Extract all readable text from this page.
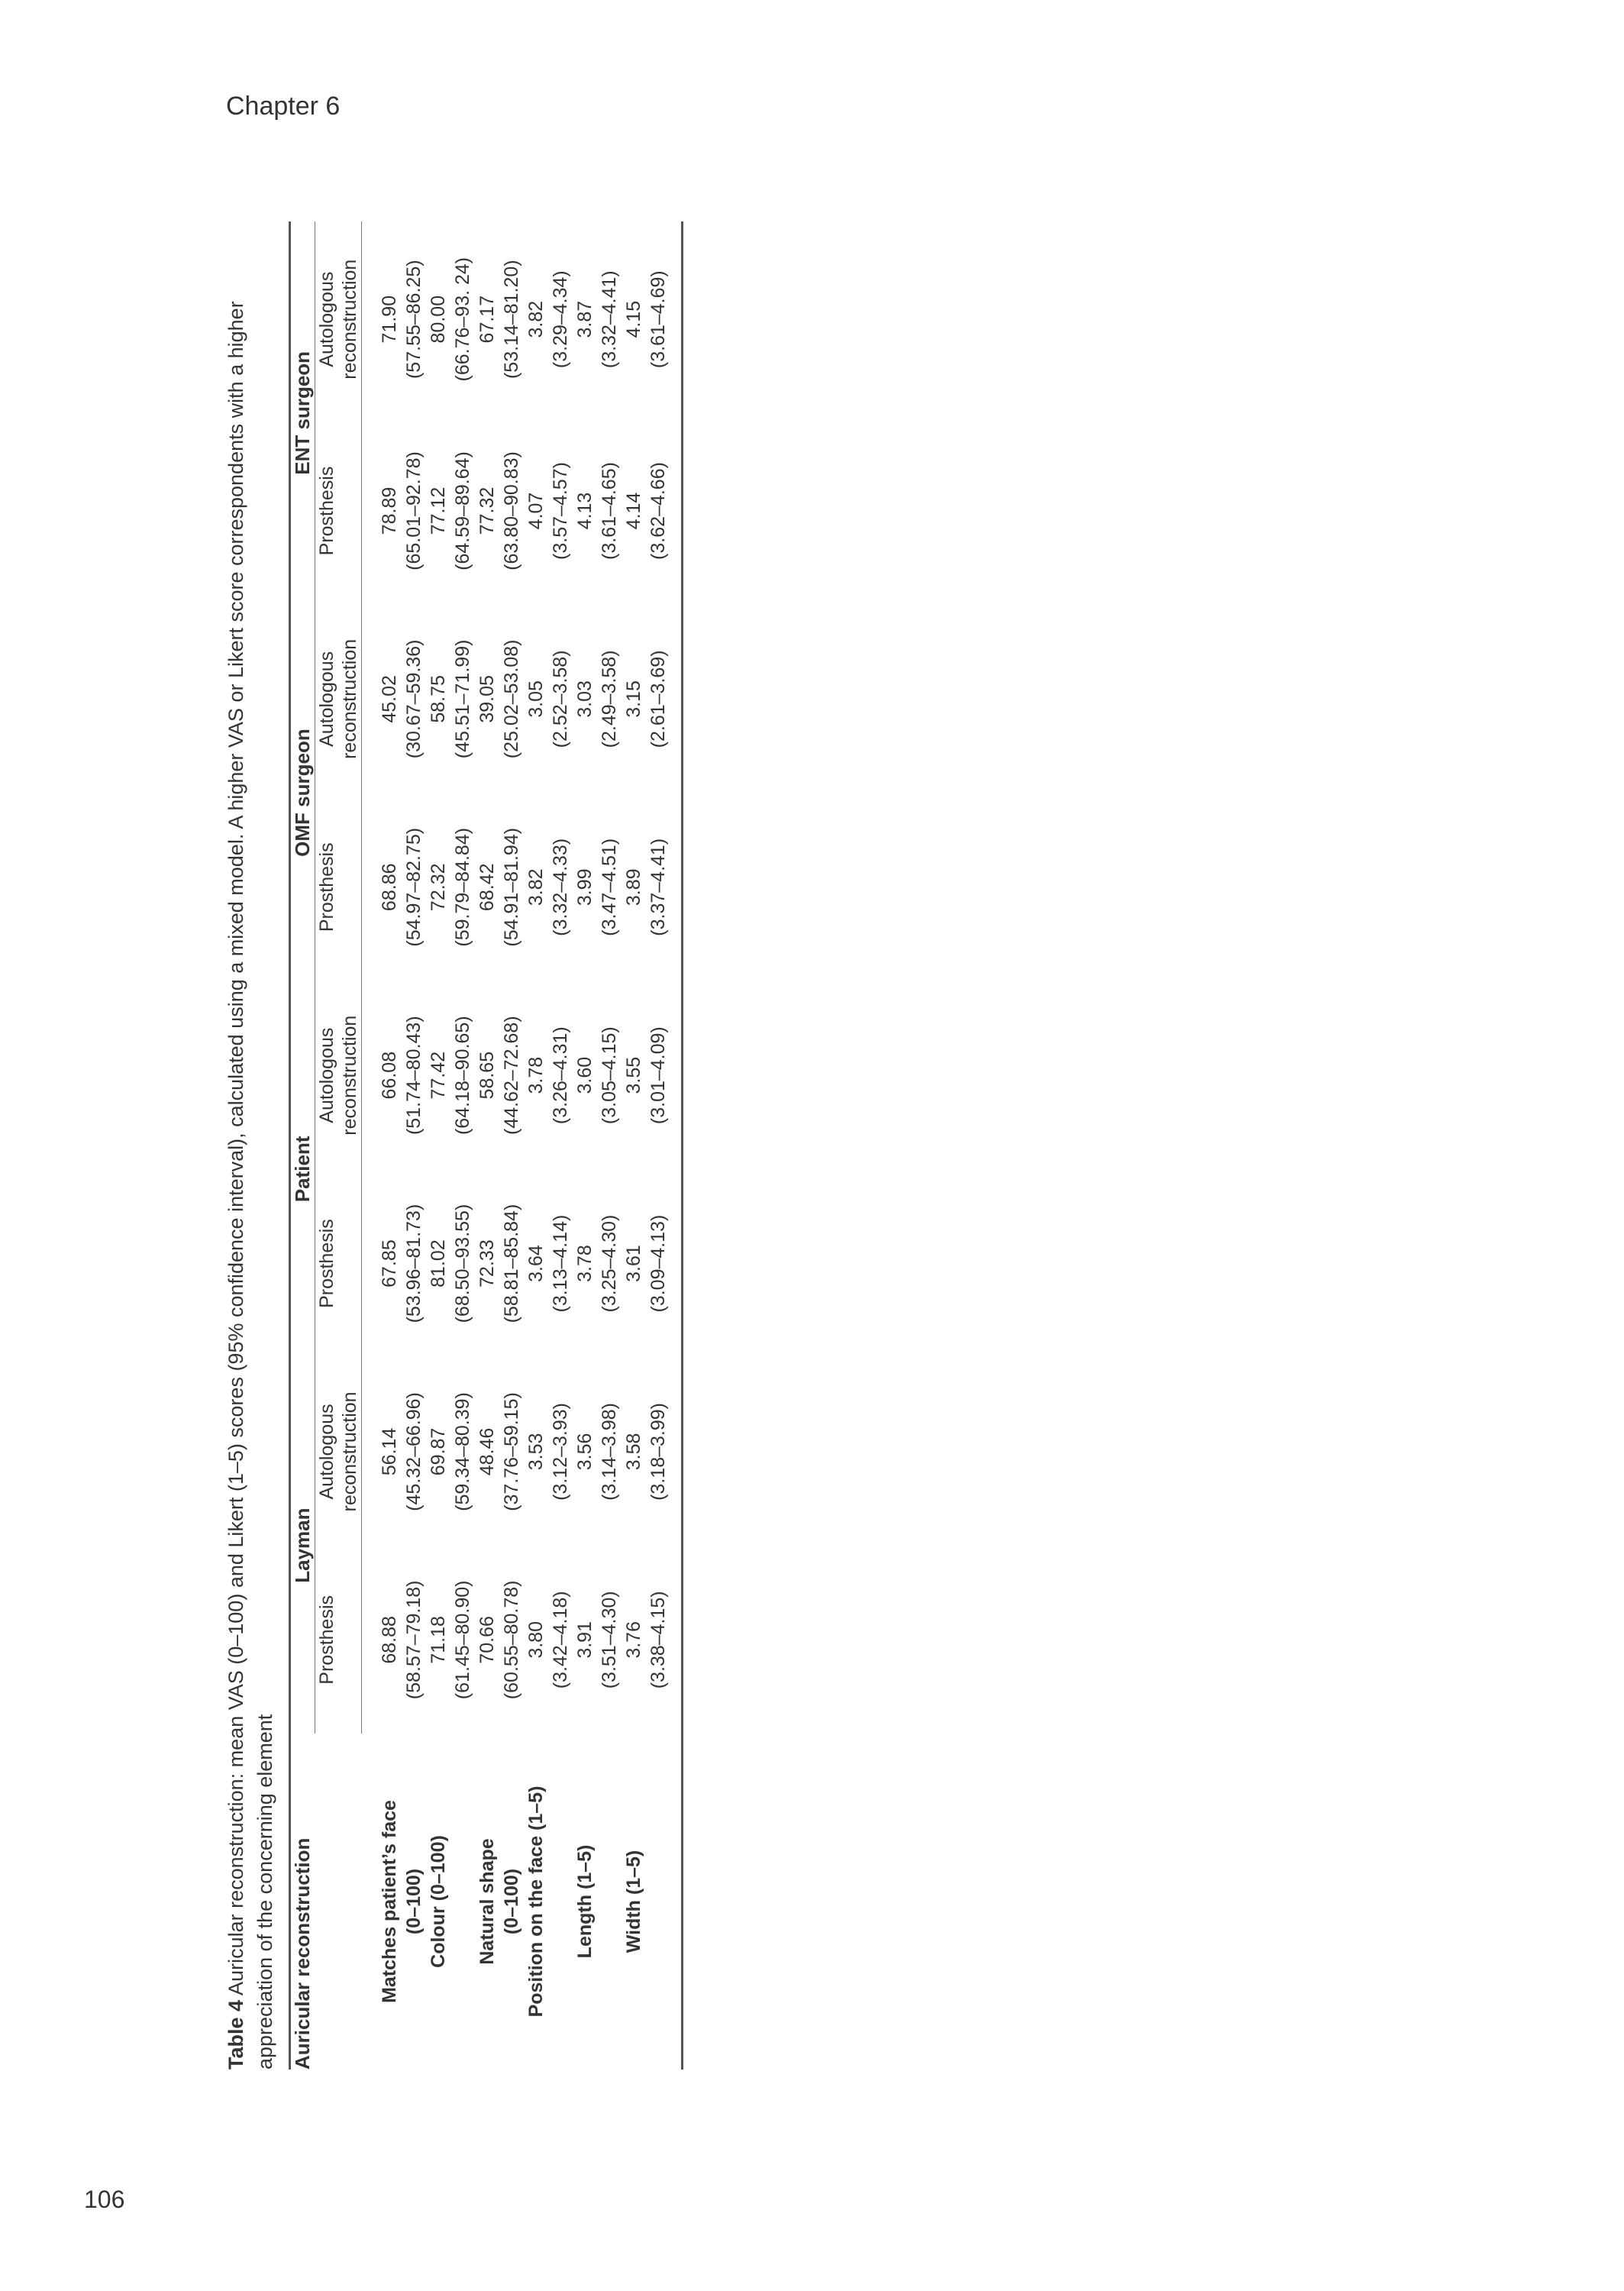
Chapter 6

Table 4 Auricular reconstruction: mean VAS (0–100) and Likert (1–5) scores (95% confidence interval), calculated using a mixed model. A higher VAS or Likert score correspondents with a higher appreciation of the concerning element Auricular reconstruction	Layman		Patient		OMF surgeon		ENT surgeon	
	Prosthesis	Autologous reconstruction	Prosthesis	Autologous reconstruction	Prosthesis	Autologous reconstruction	Prosthesis	Autologous reconstruction

Matches patient’s face (0–100)	68.88 (58.57–79.18)	56.14 (45.32–66.96)	67.85 (53.96–81.73)	66.08 (51.74–80.43)	68.86 (54.97–82.75)	45.02 (30.67–59.36)	78.89 (65.01–92.78)	71.90 (57.55–86.25)

Colour (0–100)	71.18 (61.45–80.90)	69.87 (59.34–80.39)	81.02 (68.50–93.55)	77.42 (64.18–90.65)	72.32 (59.79–84.84)	58.75 (45.51–71.99)	77.12 (64.59–89.64)	80.00 (66.76–93. 24)

Natural shape (0–100)	70.66 (60.55–80.78)	48.46 (37.76–59.15)	72.33 (58.81–85.84)	58.65 (44.62–72.68)	68.42 (54.91–81.94)	39.05 (25.02–53.08)	77.32 (63.80–90.83)	67.17 (53.14–81.20)

Position on the face (1–5)	3.80 (3.42–4.18)	3.53 (3.12–3.93)	3.64 (3.13–4.14)	3.78 (3.26–4.31)	3.82 (3.32–4.33)	3.05 (2.52–3.58)	4.07 (3.57–4.57)	3.82 (3.29–4.34)

Length (1–5)	3.91 (3.51–4.30)	3.56 (3.14–3.98)	3.78 (3.25–4.30)	3.60 (3.05–4.15)	3.99 (3.47–4.51)	3.03 (2.49–3.58)	4.13 (3.61–4.65)	3.87 (3.32–4.41)

Width (1–5)	3.76 (3.38–4.15)	3.58 (3.18–3.99)	3.61 (3.09–4.13)	3.55 (3.01–4.09)	3.89 (3.37–4.41)	3.15 (2.61–3.69)	4.14 (3.62–4.66)	4.15 (3.61–4.69)
106
